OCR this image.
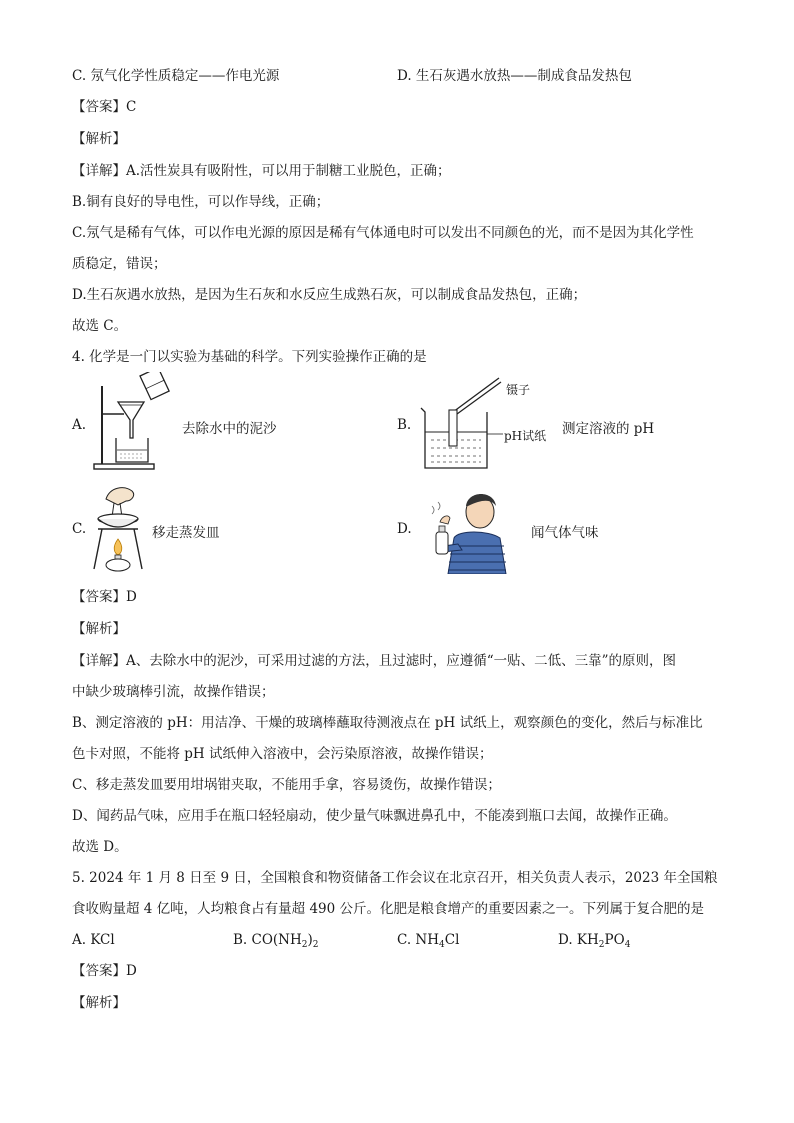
C. 氖气化学性质稳定——作电光源	D. 生石灰遇水放热——制成食品发热包
【答案】C
【解析】
【详解】A.活性炭具有吸附性，可以用于制糖工业脱色，正确；
B.铜有良好的导电性，可以作导线，正确；
C.氖气是稀有气体，可以作电光源的原因是稀有气体通电时可以发出不同颜色的光，而不是因为其化学性
质稳定，错误；
D.生石灰遇水放热，是因为生石灰和水反应生成熟石灰，可以制成食品发热包，正确；
故选 C。
4. 化学是一门以实验为基础的科学。下列实验操作正确的是
A.	去除水中的泥沙	B.
镊子
pH试纸 测定溶液的 pH
C.	移走蒸发皿	D.	闻气体气味
【答案】D
【解析】
【详解】A、去除水中的泥沙，可采用过滤的方法，且过滤时，应遵循“一贴、二低、三靠”的原则，图
中缺少玻璃棒引流，故操作错误；
B、测定溶液的 pH：用洁净、干燥的玻璃棒蘸取待测液点在 pH 试纸上，观察颜色的变化，然后与标准比
色卡对照，不能将 pH 试纸伸入溶液中，会污染原溶液，故操作错误；
C、移走蒸发皿要用坩埚钳夹取，不能用手拿，容易烫伤，故操作错误；
D、闻药品气味，应用手在瓶口轻轻扇动，使少量气味飘进鼻孔中，不能凑到瓶口去闻，故操作正确。
故选 D。
5. 2024 年 1 月 8 日至 9 日，全国粮食和物资储备工作会议在北京召开，相关负责人表示，2023 年全国粮
食收购量超 4 亿吨，人均粮食占有量超 490 公斤。化肥是粮食增产的重要因素之一。下列属于复合肥的是
A. KCl	B. $CO(NH_2)_2$	C. $NH_4Cl$	D. $KH_2PO_4$
【答案】D
【解析】
